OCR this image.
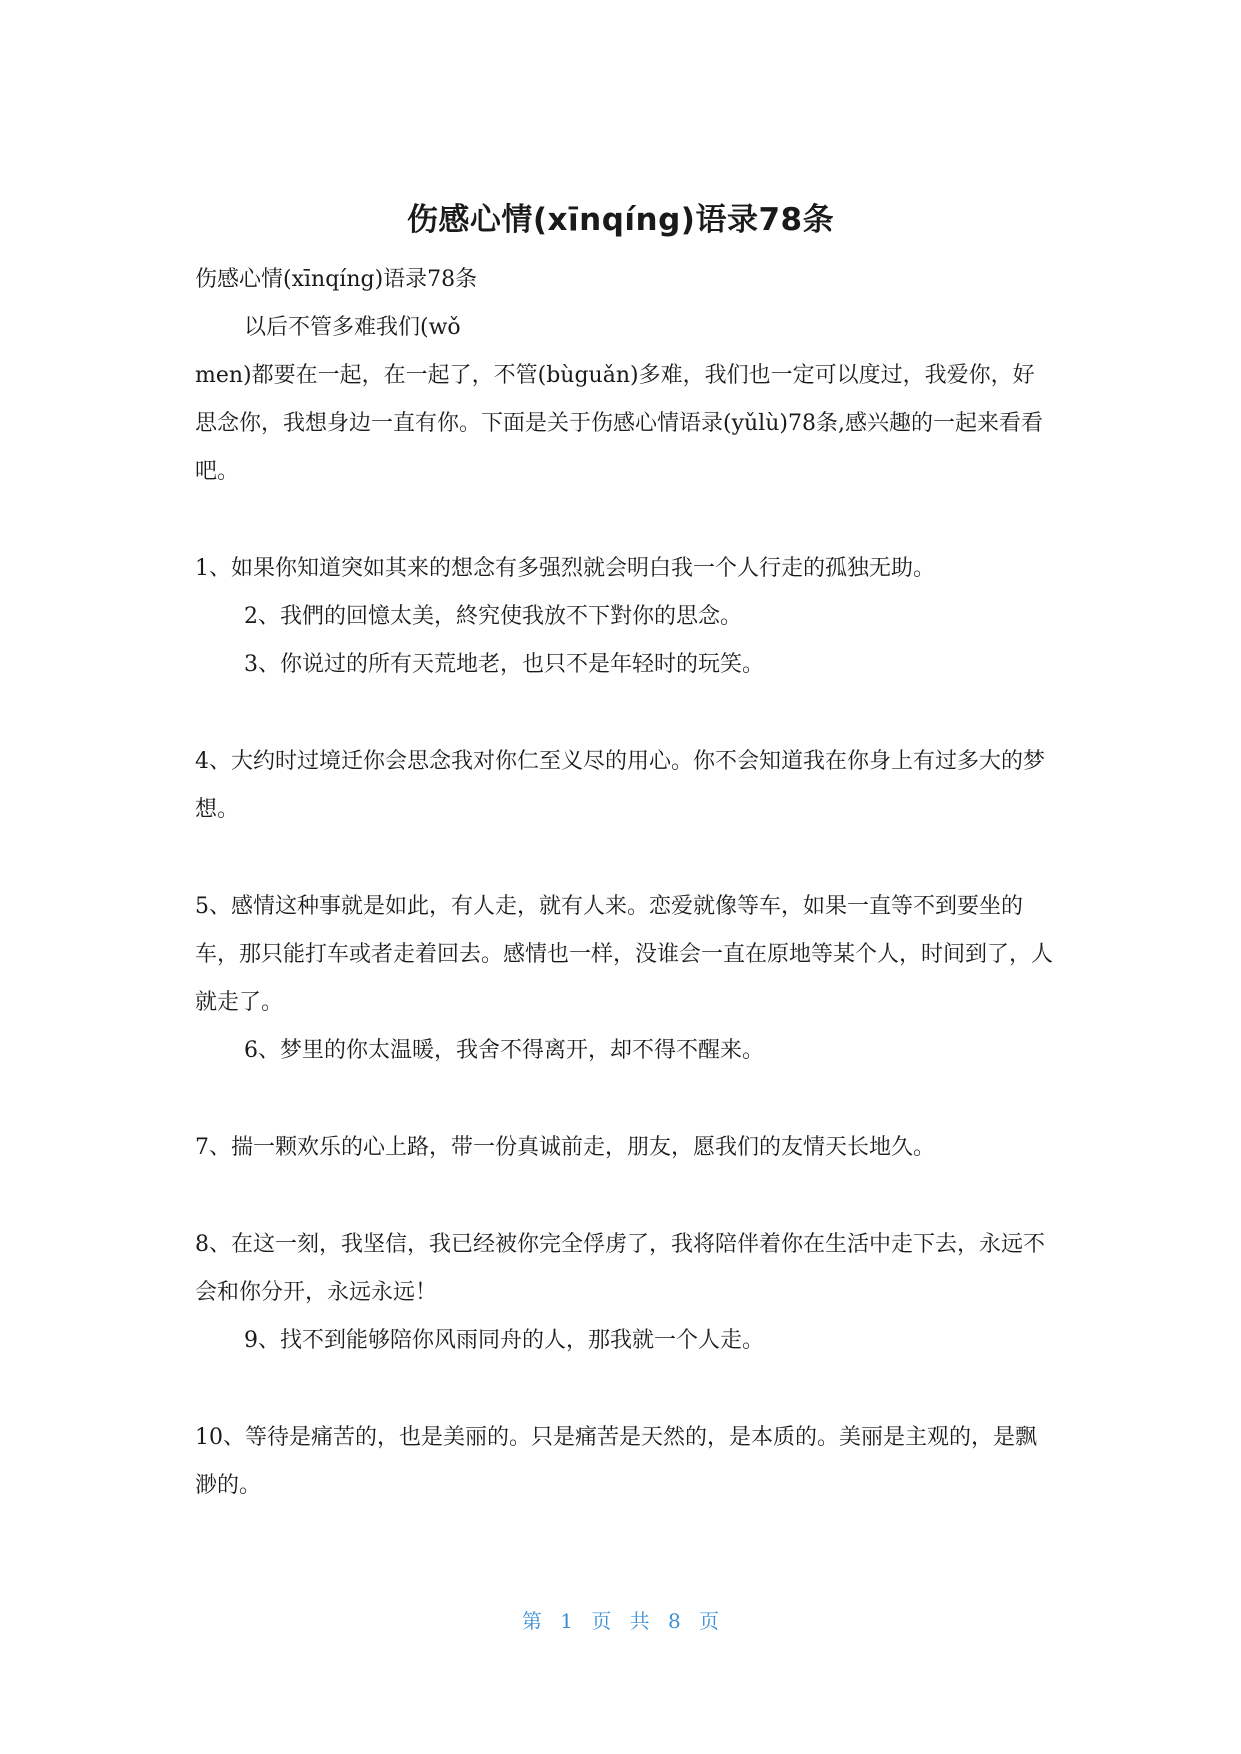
伤感心情(xīnqíng)语录78条

伤感心情(xīnqíng)语录78条

以后不管多难我们(wǒ

men)都要在一起，在一起了，不管(bùguǎn)多难，我们也一定可以度过，我爱你，好思念你，我想身边一直有你。下面是关于伤感心情语录(yǔlù)78条,感兴趣的一起来看看吧。

1、如果你知道突如其来的想念有多强烈就会明白我一个人行走的孤独无助。

2、我們的回憶太美，終究使我放不下對你的思念。

3、你说过的所有天荒地老，也只不是年轻时的玩笑。

4、大约时过境迁你会思念我对你仁至义尽的用心。你不会知道我在你身上有过多大的梦想。

5、感情这种事就是如此，有人走，就有人来。恋爱就像等车，如果一直等不到要坐的车，那只能打车或者走着回去。感情也一样，没谁会一直在原地等某个人，时间到了，人就走了。

6、梦里的你太温暖，我舍不得离开，却不得不醒来。

7、揣一颗欢乐的心上路，带一份真诚前走，朋友，愿我们的友情天长地久。

8、在这一刻，我坚信，我已经被你完全俘虏了，我将陪伴着你在生活中走下去，永远不会和你分开，永远永远！

9、找不到能够陪你风雨同舟的人，那我就一个人走。

10、等待是痛苦的，也是美丽的。只是痛苦是天然的，是本质的。美丽是主观的，是飘渺的。

第 1 页 共 8 页
